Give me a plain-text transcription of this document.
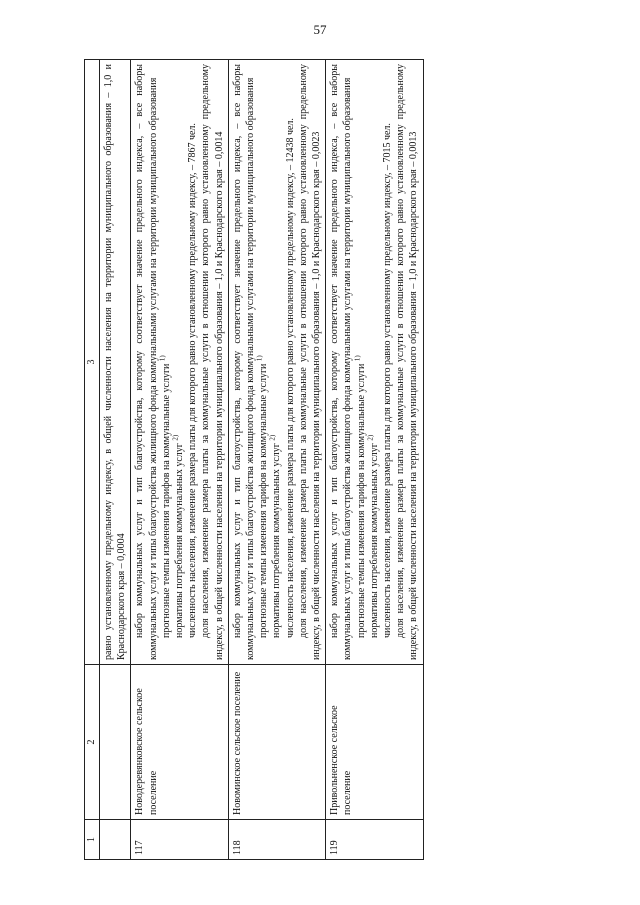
57
1	2	3

		равно установленному предельному индексу, в общей численности населения на территории муниципального образования – 1,0 и Краснодарского края – 0,0004

117	Новодеревянковское сельское поселение	набор коммунальных услуг и тип благоустройства, которому соответствует значение предельного индекса, – все наборы коммунальных услуг и типы благоустройства жилищного фонда коммунальными услугами на территории муниципального образования прогнозные темпы изменения тарифов на коммунальные услуги $^{1)}$

нормативы потребления коммунальных услуг $^{2)}$ численность населения, изменение размера платы для которого равно установленному предельному индексу, – 7867 чел. доля населения, изменение размера платы за коммунальные услуги в отношении которого равно установленному предельному индексу, в общей численности населения на территории муниципального образования – 1,0 и Краснодарского края – 0,0014

118	Новоминское сельское поселение	набор коммунальных услуг и тип благоустройства, которому соответствует значение предельного индекса, – все наборы коммунальных услуг и типы благоустройства жилищного фонда коммунальными услугами на территории муниципального образования прогнозные темпы изменения тарифов на коммунальные услуги $^{1)}$

нормативы потребления коммунальных услуг $^{2)}$ численность населения, изменение размера платы для которого равно установленному предельному индексу, – 12438 чел. доля населения, изменение размера платы за коммунальные услуги в отношении которого равно установленному предельному индексу, в общей численности населения на территории муниципального образования – 1,0 и Краснодарского края – 0,0023

119	Привольненское сельское поселение	набор коммунальных услуг и тип благоустройства, которому соответствует значение предельного индекса, – все наборы коммунальных услуг и типы благоустройства жилищного фонда коммунальными услугами на территории муниципального образования прогнозные темпы изменения тарифов на коммунальные услуги $^{1)}$

нормативы потребления коммунальных услуг $^{2)}$ численность населения, изменение размера платы для которого равно установленному предельному индексу, – 7015 чел. доля населения, изменение размера платы за коммунальные услуги в отношении которого равно установленному предельному индексу, в общей численности населения на территории муниципального образования – 1,0 и Краснодарского края – 0,0013
